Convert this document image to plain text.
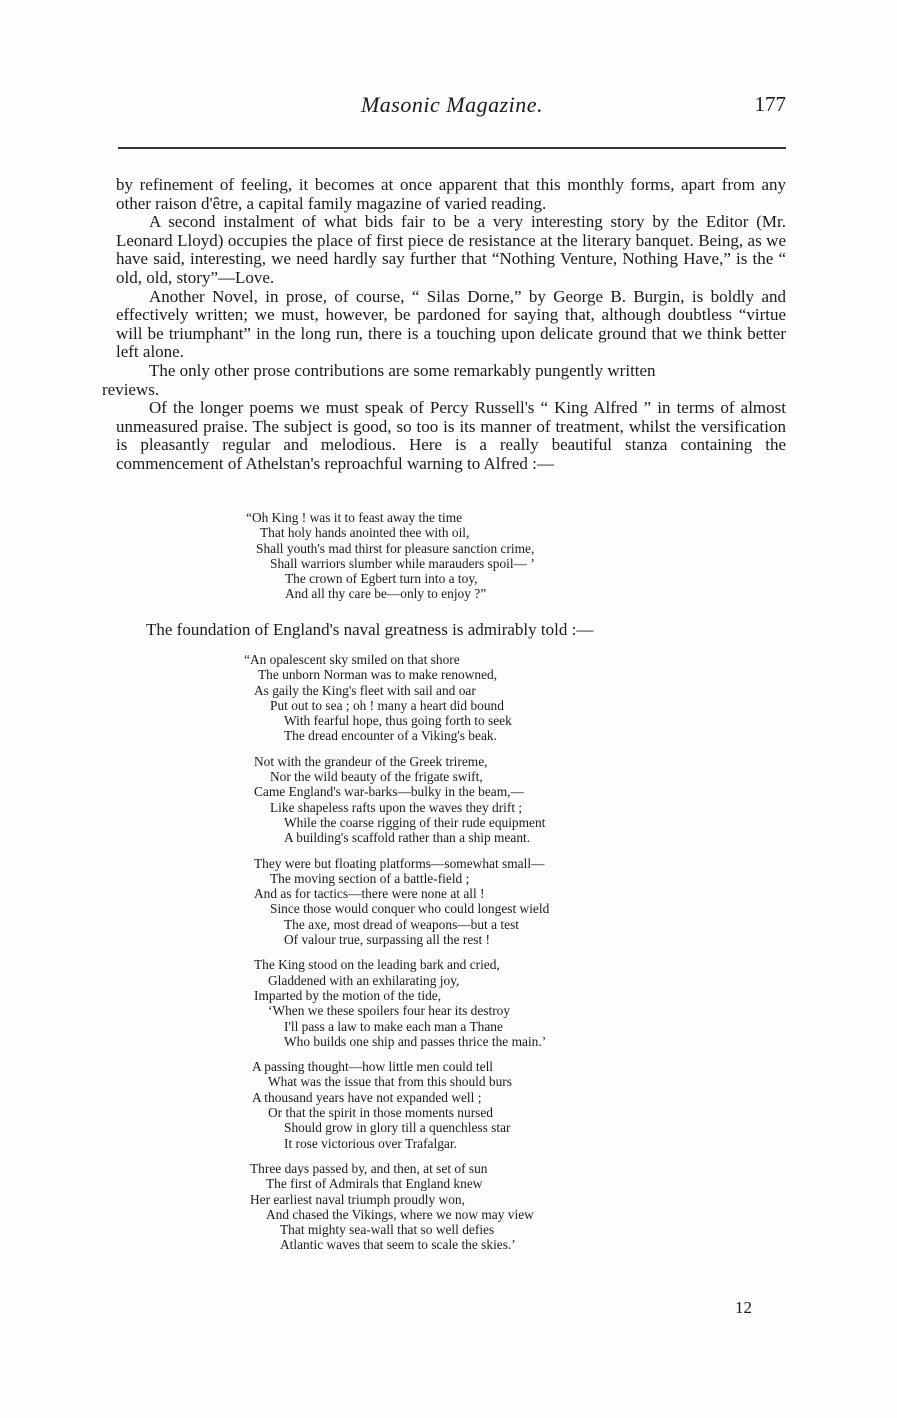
Masonic Magazine.	177

by refinement of feeling, it becomes at once apparent that this monthly forms, apart from any other raison d'être, a capital family magazine of varied reading.

A second instalment of what bids fair to be a very interesting story by the Editor (Mr. Leonard Lloyd) occupies the place of first piece de resistance at the literary banquet. Being, as we have said, interesting, we need hardly say further that “Nothing Venture, Nothing Have,” is the “ old, old, story”—Love.

Another Novel, in prose, of course, “ Silas Dorne,” by George B. Burgin, is boldly and effectively written; we must, however, be pardoned for saying that, although doubtless “virtue will be triumphant” in the long run, there is a touching upon delicate ground that we think better left alone.

The only other prose contributions are some remarkably pungently written

reviews.

Of the longer poems we must speak of Percy Russell's “ King Alfred ” in terms of almost unmeasured praise. The subject is good, so too is its manner of treatment, whilst the versification is pleasantly regular and melodious. Here is a really beautiful stanza containing the commencement of Athelstan's reproachful warning to Alfred :—

“Oh King ! was it to feast away the time
That holy hands anointed thee with oil,
Shall youth's mad thirst for pleasure sanction crime,
Shall warriors slumber while marauders spoil— ’
The crown of Egbert turn into a toy,
And all thy care be—only to enjoy ?”
The foundation of England's naval greatness is admirably told :—
“An opalescent sky smiled on that shore
The unborn Norman was to make renowned,
As gaily the King's fleet with sail and oar
Put out to sea ; oh ! many a heart did bound
With fearful hope, thus going forth to seek
The dread encounter of a Viking's beak.
Not with the grandeur of the Greek trireme,
Nor the wild beauty of the frigate swift,
Came England's war-barks—bulky in the beam,—
Like shapeless rafts upon the waves they drift ;
While the coarse rigging of their rude equipment
A building's scaffold rather than a ship meant.
They were but floating platforms—somewhat small—
The moving section of a battle-field ;
And as for tactics—there were none at all !
Since those would conquer who could longest wield
The axe, most dread of weapons—but a test
Of valour true, surpassing all the rest !
The King stood on the leading bark and cried,
Gladdened with an exhilarating joy,
Imparted by the motion of the tide,
‘When we these spoilers four hear its destroy
I'll pass a law to make each man a Thane
Who builds one ship and passes thrice the main.’
A passing thought—how little men could tell
What was the issue that from this should burs
A thousand years have not expanded well ;
Or that the spirit in those moments nursed
Should grow in glory till a quenchless star
It rose victorious over Trafalgar.
Three days passed by, and then, at set of sun
The first of Admirals that England knew
Her earliest naval triumph proudly won,
And chased the Vikings, where we now may view
That mighty sea-wall that so well defies
Atlantic waves that seem to scale the skies.’
12
